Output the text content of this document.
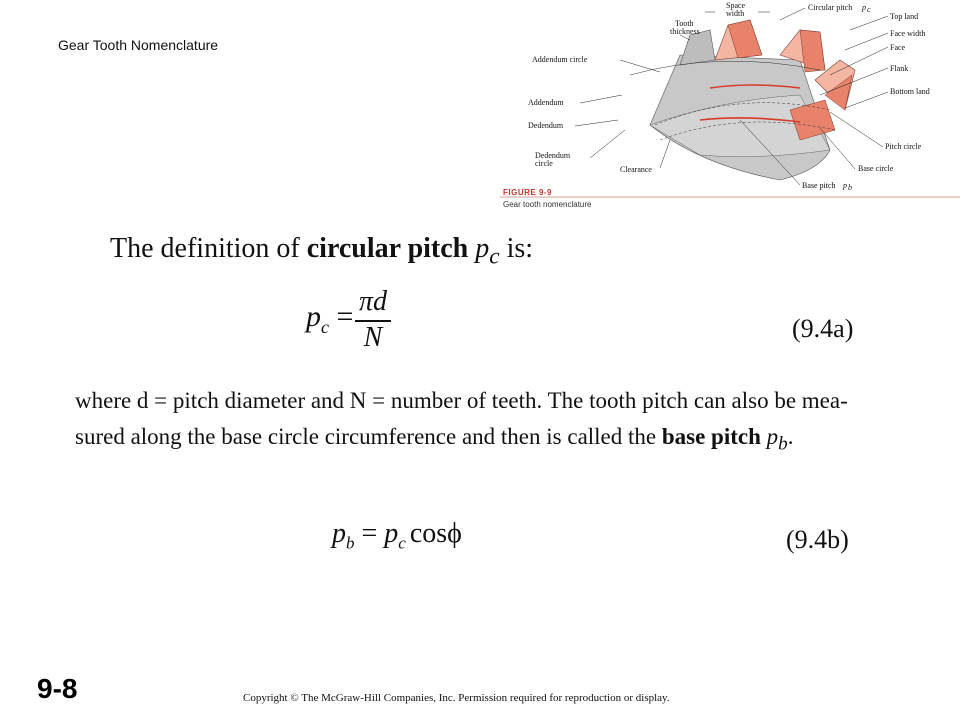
Gear Tooth Nomenclature
Space
width
Tooth
thickness
Circular pitch p c
Top land
Face width
Face
Flank
Bottom land
Addendum circle
Addendum
Dedendum
Dedendum
circle
Clearance
Pitch circle
Base circle
Base pitch p b
FIGURE 9-9
Gear tooth nomenclature
The definition of circular pitch $p_c$ is:
$p_c = \frac{\pi d}{N}$	(9.4a)
where d = pitch diameter and N = number of teeth. The tooth pitch can also be mea-
sured along the base circle circumference and then is called the base pitch $p_b$.
$p_b = p_c$ cosϕ	(9.4b)
9-8	Copyright © The McGraw-Hill Companies, Inc. Permission required for reproduction or display.
